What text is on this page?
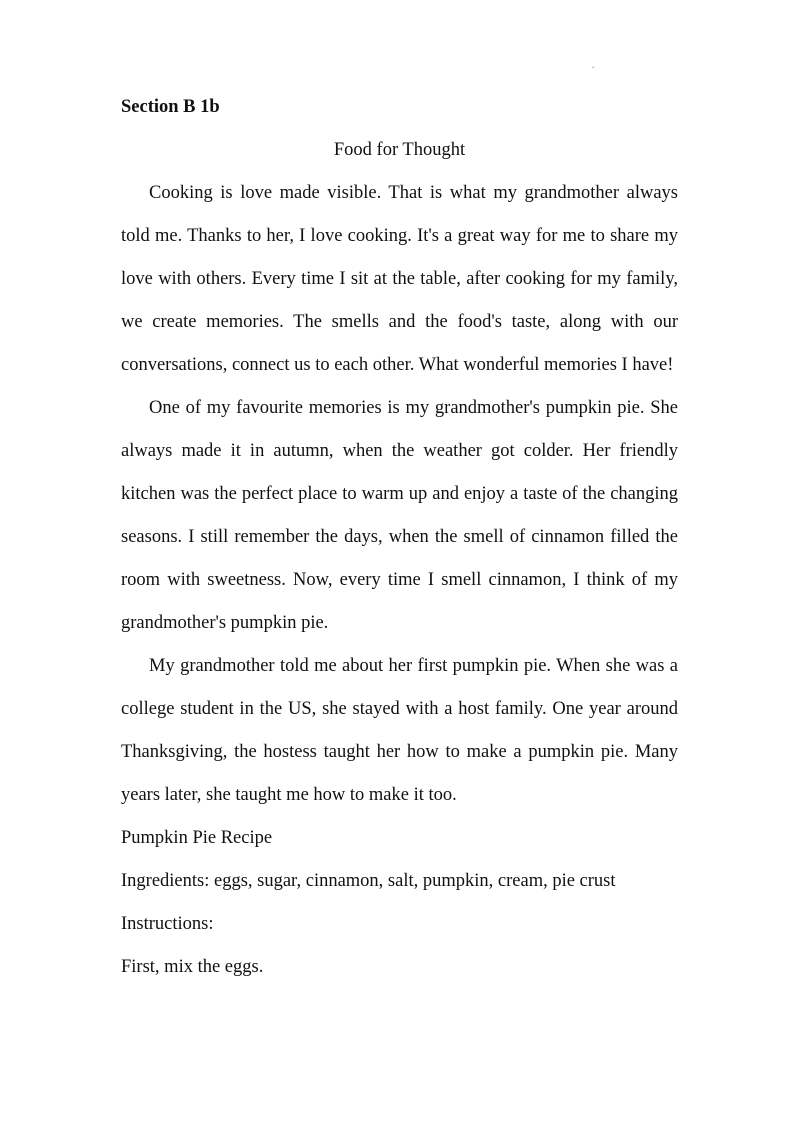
.

Section B 1b

Food for Thought

Cooking is love made visible. That is what my grandmother always told me. Thanks to her, I love cooking. It's a great way for me to share my love with others. Every time I sit at the table, after cooking for my family, we create memories. The smells and the food's taste, along with our conversations, connect us to each other. What wonderful memories I have!

One of my favourite memories is my grandmother's pumpkin pie. She always made it in autumn, when the weather got colder. Her friendly kitchen was the perfect place to warm up and enjoy a taste of the changing seasons. I still remember the days, when the smell of cinnamon filled the room with sweetness. Now, every time I smell cinnamon, I think of my grandmother's pumpkin pie.

My grandmother told me about her first pumpkin pie. When she was a college student in the US, she stayed with a host family. One year around Thanksgiving, the hostess taught her how to make a pumpkin pie. Many years later, she taught me how to make it too.

Pumpkin Pie Recipe

Ingredients: eggs, sugar, cinnamon, salt, pumpkin, cream, pie crust

Instructions:

First, mix the eggs.
